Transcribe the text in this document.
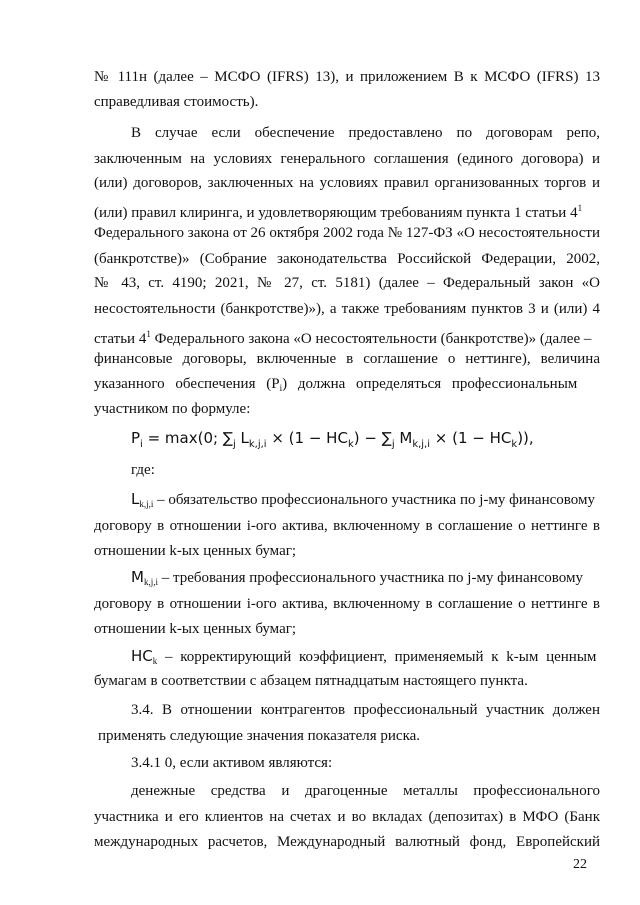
№ 111н (далее – МСФО (IFRS) 13), и приложением В к МСФО (IFRS) 13
справедливая стоимость).
В случае если обеспечение предоставлено по договорам репо,
заключенным на условиях генерального соглашения (единого договора) и
(или) договоров, заключенных на условиях правил организованных торгов и
(или) правил клиринга, и удовлетворяющим требованиям пункта 1 статьи $4^1$
Федерального закона от 26 октября 2002 года № 127-ФЗ «О несостоятельности
(банкротстве)» (Собрание законодательства Российской Федерации, 2002,
№ 43, ст. 4190; 2021, № 27, ст. 5181) (далее – Федеральный закон «О
несостоятельности (банкротстве)»), а также требованиям пунктов 3 и (или) 4
статьи $4^1$ Федерального закона «О несостоятельности (банкротстве)» (далее –
финансовые договоры, включенные в соглашение о неттинге), величина
указанного обеспечения $(P_i)$ должна определяться профессиональным
участником по формуле:
$P_i = \max(0$; $\sum_j$ $L_{k,j,i} \times (1 - HC_k) - \sum_j$ $M_{k,j,i} \times (1 - HC_k)$),
где:
$L_{k,j,i}$ – обязательство профессионального участника по j-му финансовому
договору в отношении i-ого актива, включенному в соглашение о неттинге в
отношении k-ых ценных бумаг;
$M_{k,j,i}$ – требования профессионального участника по j-му финансовому
договору в отношении i-ого актива, включенному в соглашение о неттинге в
отношении k-ых ценных бумаг;
$HC_k$ – корректирующий коэффициент, применяемый к k-ым ценным
бумагам в соответствии с абзацем пятнадцатым настоящего пункта.
3.4. В отношении контрагентов профессиональный участник должен
применять следующие значения показателя риска.
3.4.1 0, если активом являются:
денежные средства и драгоценные металлы профессионального
участника и его клиентов на счетах и во вкладах (депозитах) в МФО (Банк
международных расчетов, Международный валютный фонд, Европейский
22
